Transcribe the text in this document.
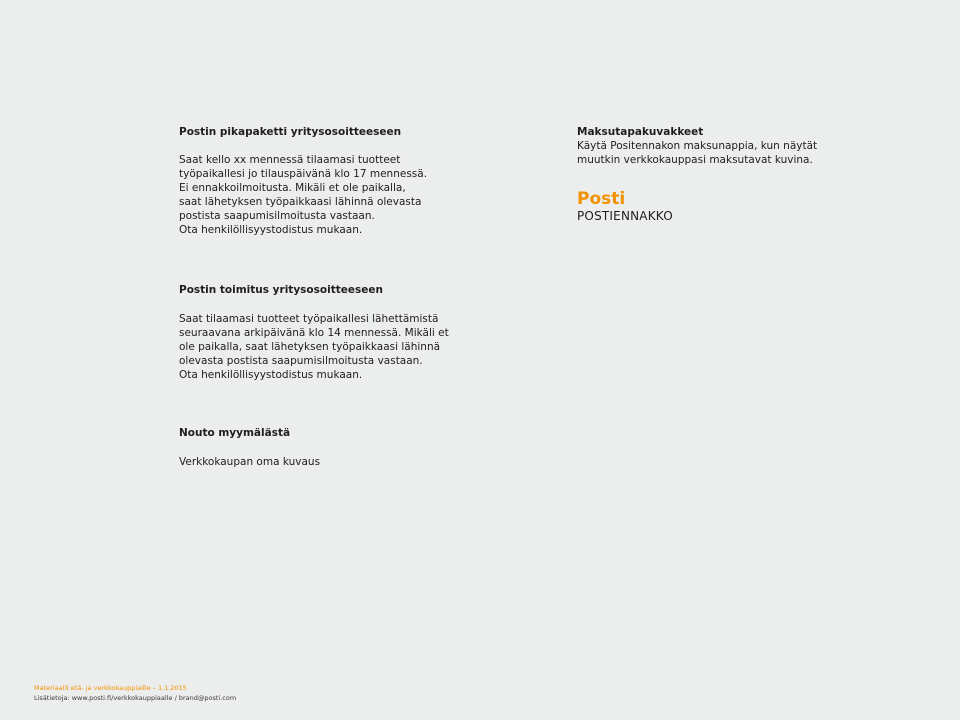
Postin pikapaketti yritysosoitteeseen

Saat kello xx mennessä tilaamasi tuotteet
työpaikallesi jo tilauspäivänä klo 17 mennessä.
Ei ennakkoilmoitusta. Mikäli et ole paikalla,
saat lähetyksen työpaikkaasi lähinnä olevasta
postista saapumisilmoitusta vastaan.
Ota henkilöllisyystodistus mukaan.

Maksutapakuvakkeet

Käytä Positennakon maksunappia, kun näytät
muutkin verkkokauppasi maksutavat kuvina.

Posti
POSTIENNAKKO

Postin toimitus yritysosoitteeseen

Saat tilaamasi tuotteet työpaikallesi lähettämistä
seuraavana arkipäivänä klo 14 mennessä. Mikäli et
ole paikalla, saat lähetyksen työpaikkaasi lähinnä
olevasta postista saapumisilmoitusta vastaan.
Ota henkilöllisyystodistus mukaan.

Nouto myymälästä

Verkkokaupan oma kuvaus

Materiaalit etä- ja verkkokauppiaille – 1.1.2015
Lisätietoja: www.posti.fi/verkkokauppiaalle / brand@posti.com
